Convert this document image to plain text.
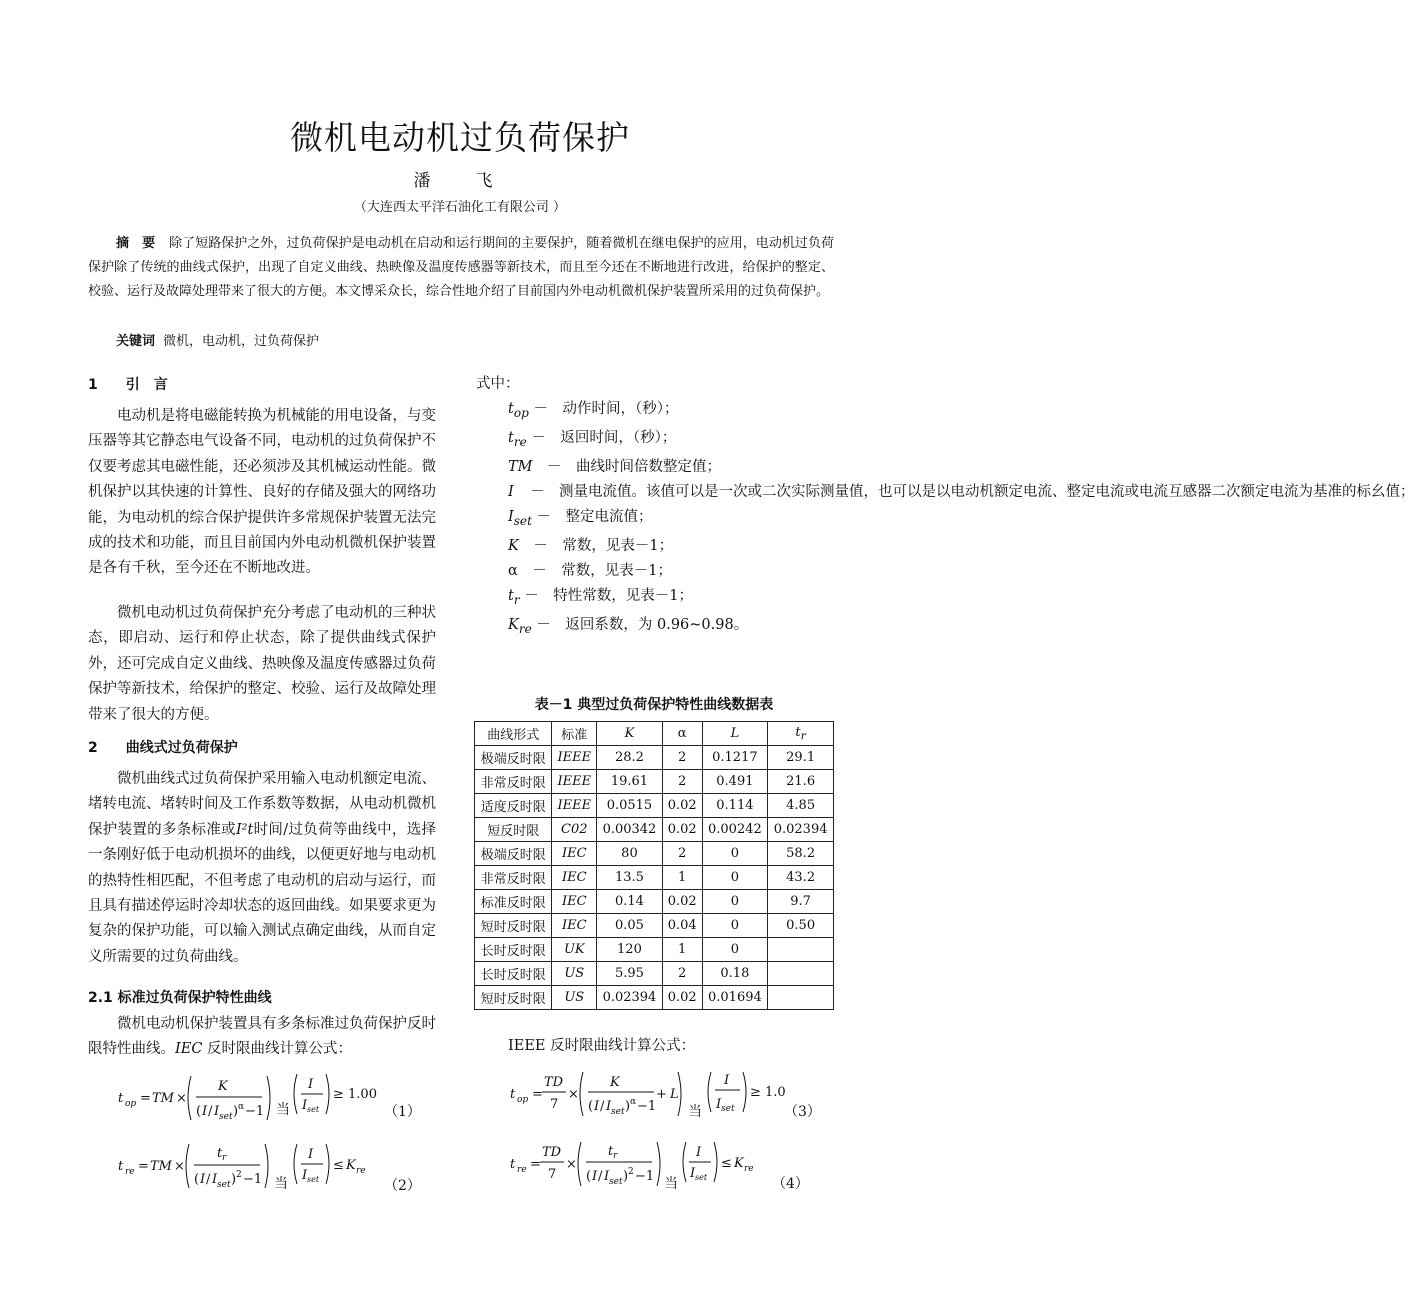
微机电动机过负荷保护
潘　飞
（大连西太平洋石油化工有限公司 ）
摘　要 除了短路保护之外，过负荷保护是电动机在启动和运行期间的主要保护，随着微机在继电保护的应用，电动机过负荷保护除了传统的曲线式保护，出现了自定义曲线、热映像及温度传感器等新技术，而且至今还在不断地进行改进，给保护的整定、校验、运行及故障处理带来了很大的方便。本文博采众长，综合性地介绍了目前国内外电动机微机保护装置所采用的过负荷保护。
关键词 微机，电动机，过负荷保护
1　　引　言
电动机是将电磁能转换为机械能的用电设备，与变压器等其它静态电气设备不同，电动机的过负荷保护不仅要考虑其电磁性能，还必须涉及其机械运动性能。微机保护以其快速的计算性、良好的存储及强大的网络功能，为电动机的综合保护提供许多常规保护装置无法完成的技术和功能，而且目前国内外电动机微机保护装置是各有千秋，至今还在不断地改进。
微机电动机过负荷保护充分考虑了电动机的三种状态，即启动、运行和停止状态，除了提供曲线式保护外，还可完成自定义曲线、热映像及温度传感器过负荷保护等新技术，给保护的整定、校验、运行及故障处理带来了很大的方便。
2　　曲线式过负荷保护
微机曲线式过负荷保护采用输入电动机额定电流、堵转电流、堵转时间及工作系数等数据，从电动机微机保护装置的多条标准或I²t时间/过负荷等曲线中，选择一条刚好低于电动机损坏的曲线，以便更好地与电动机的热特性相匹配，不但考虑了电动机的启动与运行，而且具有描述停运时冷却状态的返回曲线。如果要求更为复杂的保护功能，可以输入测试点确定曲线，从而自定义所需要的过负荷曲线。
2.1 标准过负荷保护特性曲线
微机电动机保护装置具有多条标准过负荷保护反时限特性曲线。IEC 反时限曲线计算公式：
t op = TM ×
K
( I / I set ) α −1 当
I
I set
≥ 1.00
（1）
t re = TM ×
t r
( I / I set ) 2 −1 当
I
I set
≤ K re
（2）
式中：
$t_{op}$ －　动作时间，（秒）；
$t_{re}$ －　返回时间，（秒）；
TM　 －　曲线时间倍数整定值；
I	－　测量电流值。该值可以是一次或二次实际测量值，也可以是以电动机额定电流、整定电流或电流互感器二次额定电流为基准的标幺值；
$I_{set}$ －　整定电流值；
K　 －　常数，见表－1；
α　－　常数，见表－1；
$t_r$ －　特性常数，见表－1；
$K_{re}$ －　返回系数，为 0.96~0.98。
表－1 典型过负荷保护特性曲线数据表
曲线形式	标准	K	α	L	$t_r$
极端反时限	IEEE	28.2	2	0.1217	29.1
非常反时限	IEEE	19.61	2	0.491	21.6
适度反时限	IEEE	0.0515	0.02	0.114	4.85
短反时限	C02	0.00342	0.02	0.00242	0.02394
极端反时限	IEC	80	2	0	58.2
非常反时限	IEC	13.5	1	0	43.2
标准反时限	IEC	0.14	0.02	0	9.7
短时反时限	IEC	0.05	0.04	0	0.50
长时反时限	UK	120	1	0	
长时反时限	US	5.95	2	0.18	
短时反时限	US	0.02394	0.02	0.01694	
IEEE 反时限曲线计算公式：
t op =
TD
7
×
K
( I / I set ) α −1
+ L
当
I
I set
≥ 1.0
（3）
t re =
TD
7
×
t r
( I / I set ) 2 −1 当
I
I set
≤ K re
（4）
